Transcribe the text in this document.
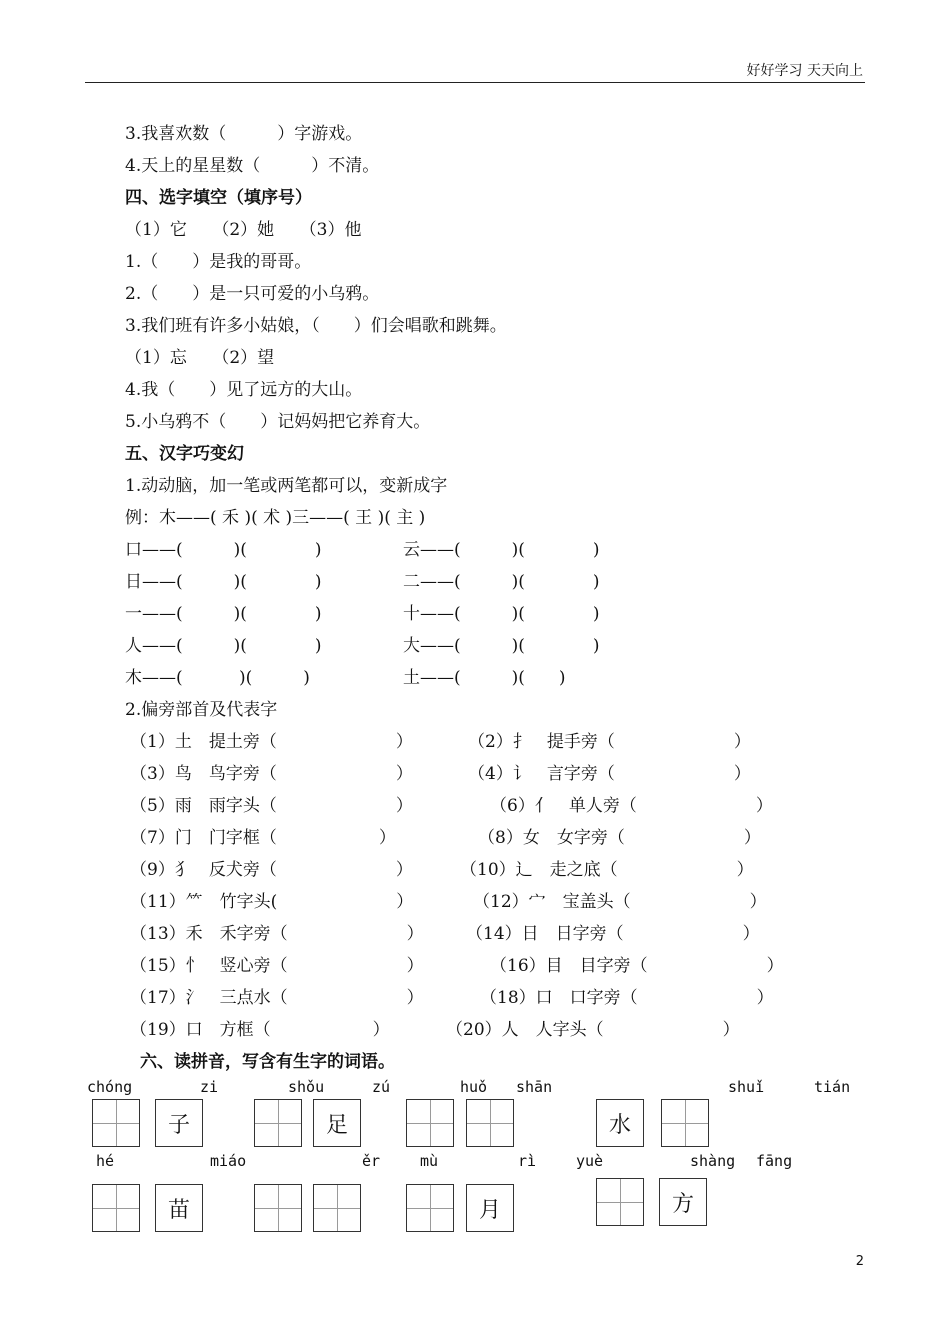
好好学习 天天向上
3.我喜欢数（　　　）字游戏。
4.天上的星星数（　　　）不清。
四、选字填空（填序号）
（1）它　　（2）她　　（3）他
1.（　　）是我的哥哥。
2.（　　）是一只可爱的小乌鸦。
3.我们班有许多小姑娘，（　　）们会唱歌和跳舞。
（1）忘　　（2）望
4.我（　　）见了远方的大山。
5.小乌鸦不（　　）记妈妈把它养育大。
五、汉字巧变幻
1.动动脑，加一笔或两笔都可以，变新成字
例：木——( 禾 )( 术 )三——( 王 )( 主 )
口——(　　　)(　　　　)	云——(　　　)(　　　　)
日——(　　　)(　　　　)	二——(　　　)(　　　　)
一——(　　　)(　　　　)	十——(　　　)(　　　　)
人——(　　　)(　　　　)	大——(　　　)(　　　　)
木——(　　　 )(　　　)	土——(　　　)(　　)
2.偏旁部首及代表字
（1）土　提土旁（　　　　　　　）	（2）扌　提手旁（　　　　　　　）
（3）鸟　鸟字旁（　　　　　　　）	（4）讠　言字旁（　　　　　　　）
（5）雨　雨字头（　　　　　　　）	（6）亻　单人旁（　　　　　　　）
（7）门　门字框（　　　　　　）	（8）女　女字旁（　　　　　　　）
（9）犭　反犬旁（　　　　　　　）	（10）辶　走之底（　　　　　　　）
（11）⺮　竹字头(　　　　　　　）	（12）宀　宝盖头（　　　　　　　）
（13）禾　禾字旁（　　　　　　　） （14）日　日字旁（　　　　　　　）
（15）忄　竖心旁（　　　　　　　）	（16）目　目字旁（　　　　　　　）
（17）氵　三点水（　　　　　　　）	（18）口　口字旁（　　　　　　　）
（19）口　方框（　　　　　　）	（20）人　人字头（　　　　　　　）
六、读拼音，写含有生字的词语。
chóng	zi	shǒu	zú	huǒ shān	shuǐ	tián
子	足	水
hé	miáo	ěr	mù	rì	yuè	shàng fāng
苗	月	方
2
